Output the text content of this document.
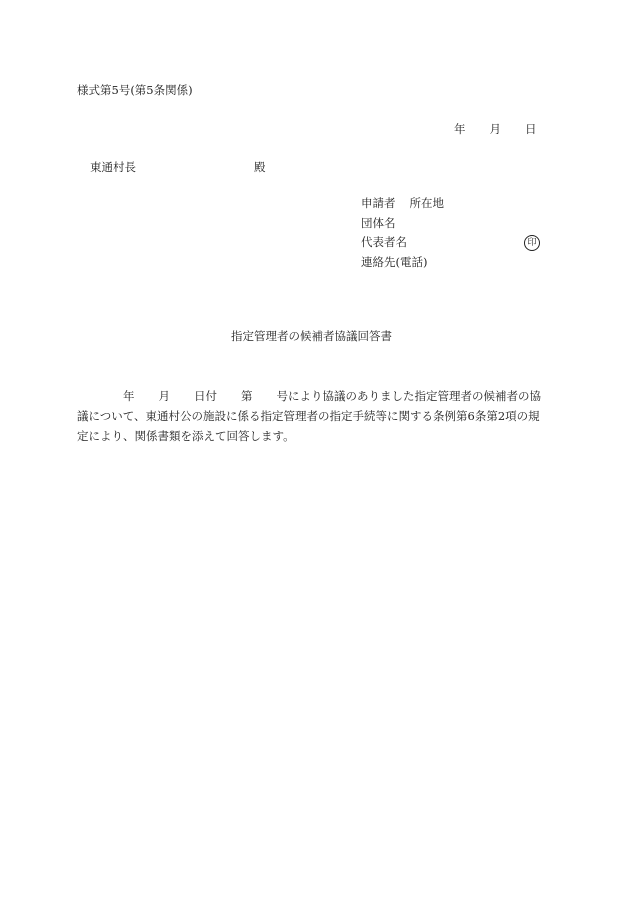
様式第5号(第5条関係)
年 月 日
東通村長	殿
申請者 所在地
団体名
代表者名	印
連絡先(電話)
指定管理者の候補者協議回答書
年 月 日付 第 号により協議のありました指定管理者の候補者の協
議について、東通村公の施設に係る指定管理者の指定手続等に関する条例第6条第2項の規
定により、関係書類を添えて回答します。
